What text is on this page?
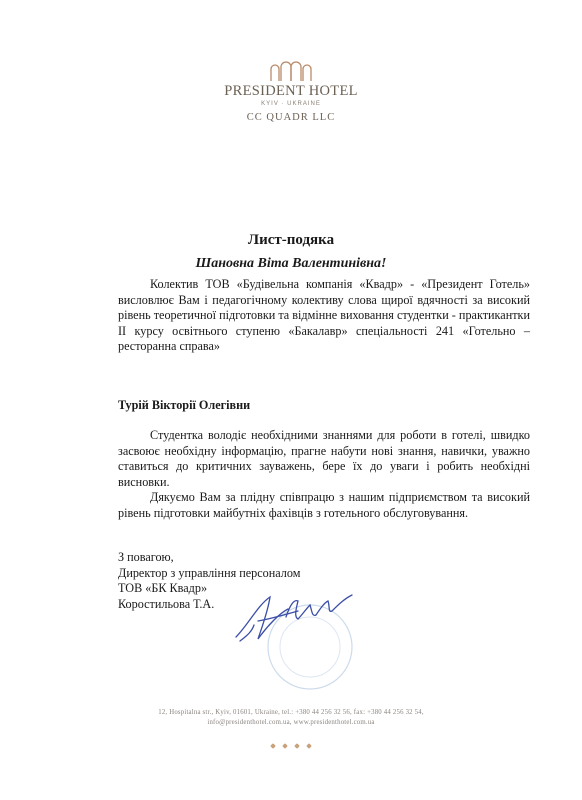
PRESIDENT HOTEL
KYIV · UKRAINE
CC QUADR LLC
Лист-подяка
Шановна Віта Валентинівна!

Колектив ТОВ «Будівельна компанія «Квадр» - «Президент Готель» висловлює Вам і педагогічному колективу слова щирої вдячності за високий рівень теоретичної підготовки та відмінне виховання студентки - практикантки ІІ курсу освітнього ступеню «Бакалавр» спеціальності 241 «Готельно – ресторанна справа»

Турій Вікторії Олегівни

Студентка володіє необхідними знаннями для роботи в готелі, швидко засвоює необхідну інформацію, прагне набути нові знання, навички, уважно ставиться до критичних зауважень, бере їх до уваги і робить необхідні висновки.

Дякуємо Вам за плідну співпрацю з нашим підприємством та високий рівень підготовки майбутніх фахівців з готельного обслуговування.

З повагою,
Директор з управління персоналом
ТОВ «БК Квадр»
Коростильова Т.А.
12, Hospitalna str., Kyiv, 01601, Ukraine, tel.: +380 44 256 32 56, fax: +380 44 256 32 54,
info@presidenthotel.com.ua, www.presidenthotel.com.ua
